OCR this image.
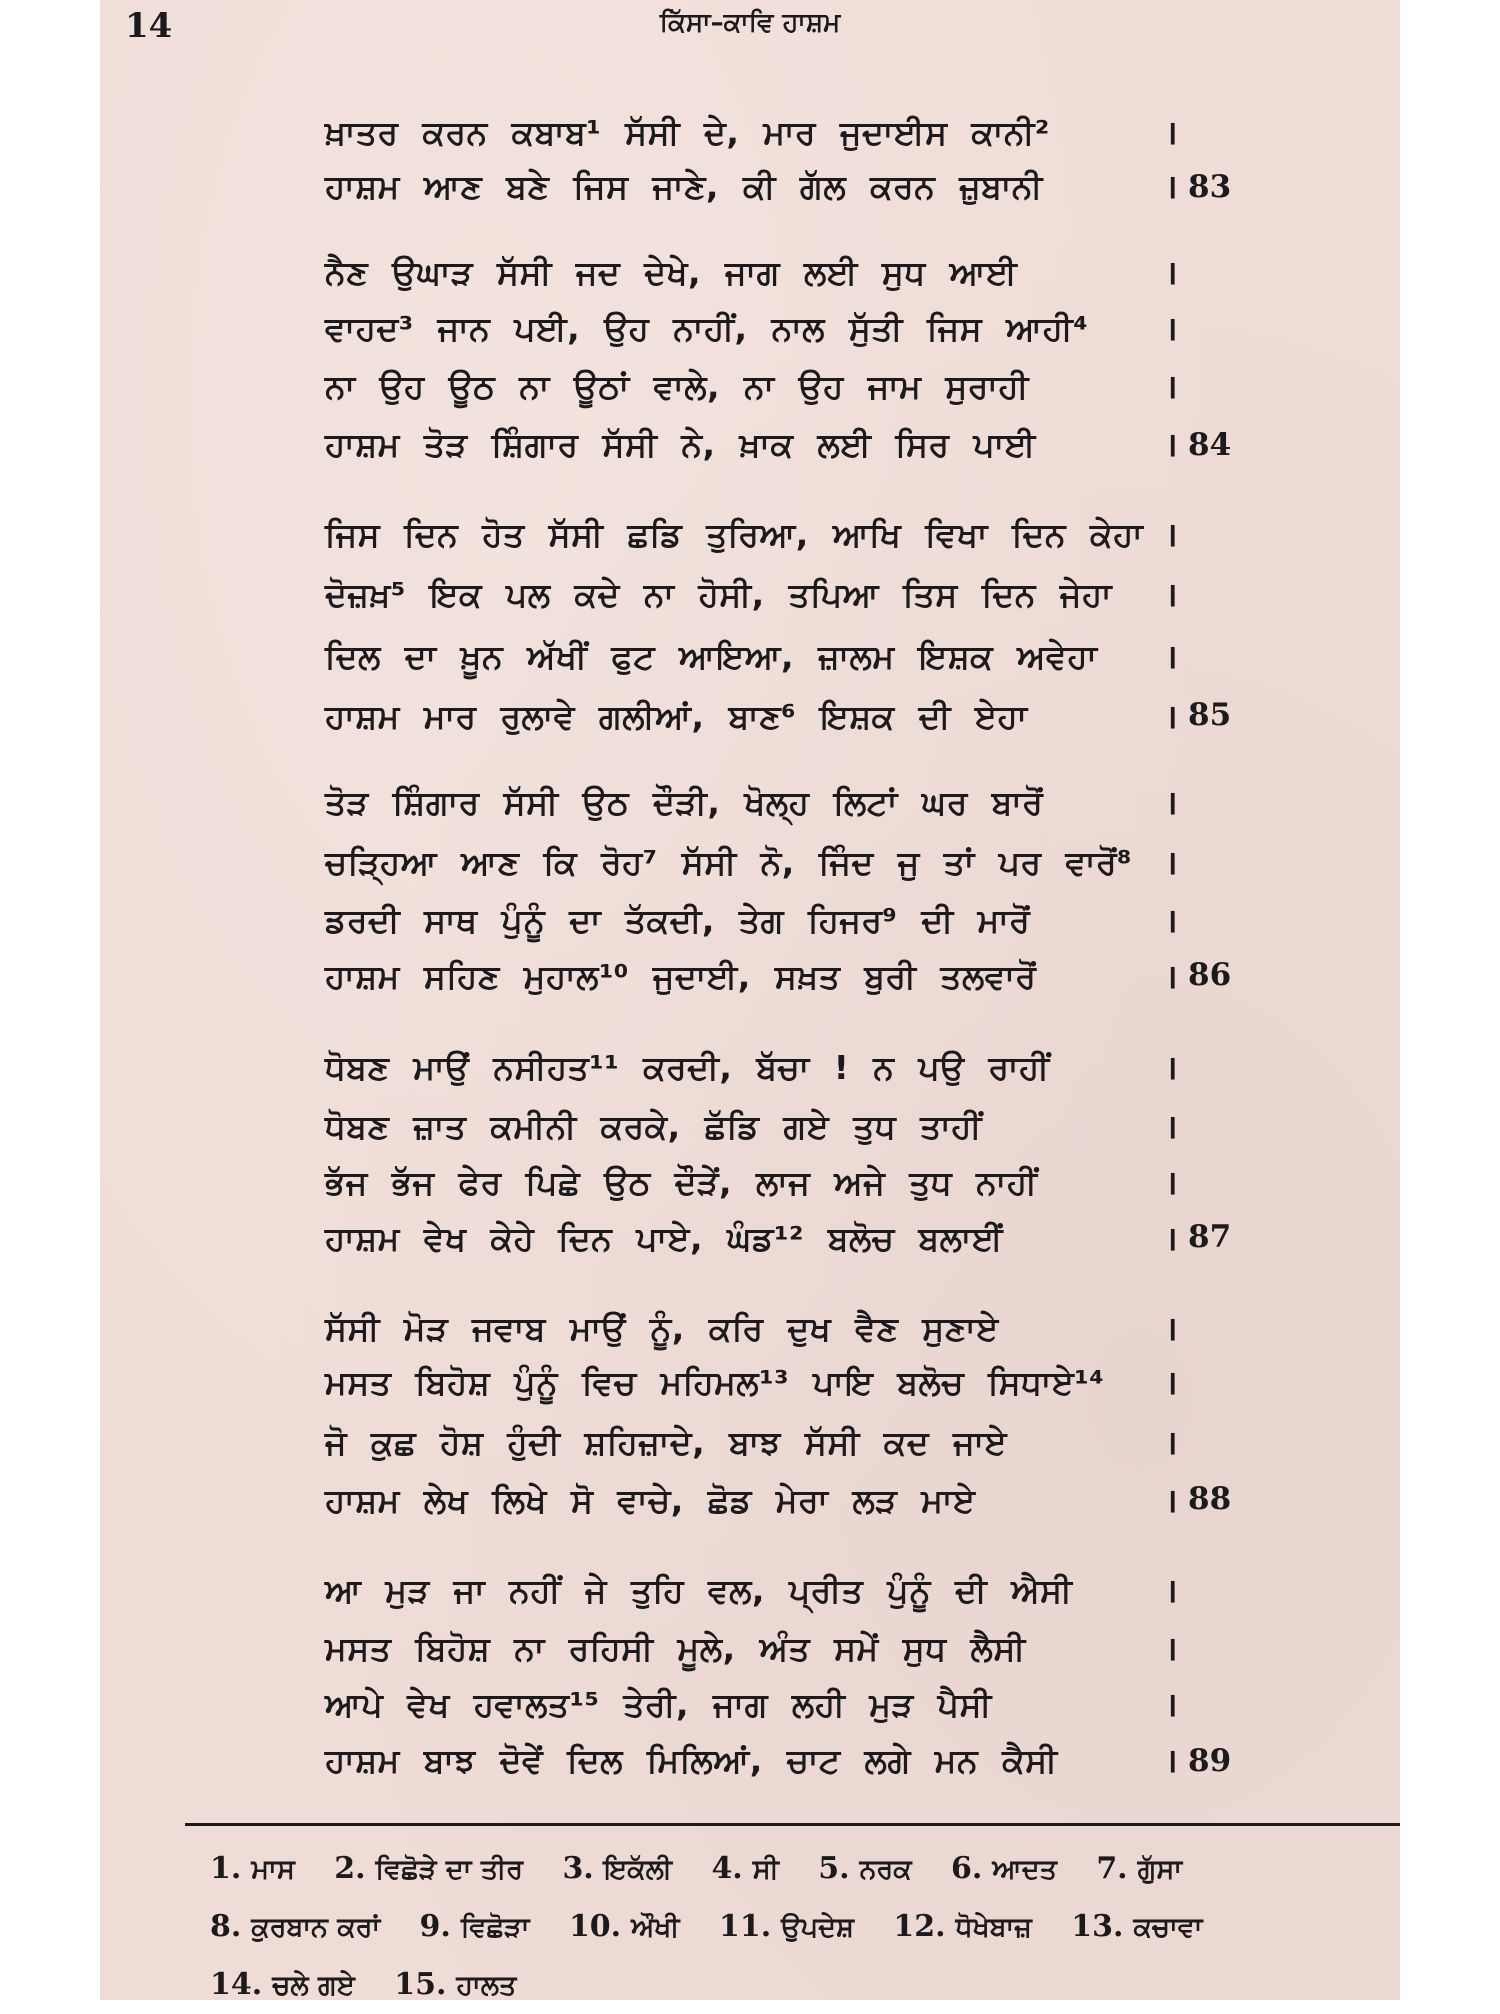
14	ਕਿੱਸਾ–ਕਾਵਿ ਹਾਸ਼ਮ
ਖ਼ਾਤਰ ਕਰਨ ਕਬਾਬ¹ ਸੱਸੀ ਦੇ, ਮਾਰ ਜੁਦਾਈਸ ਕਾਨੀ²	।
ਹਾਸ਼ਮ ਆਣ ਬਣੇ ਜਿਸ ਜਾਣੇ, ਕੀ ਗੱਲ ਕਰਨ ਜ਼ੁਬਾਨੀ	। 83
ਨੈਣ ਉਘਾੜ ਸੱਸੀ ਜਦ ਦੇਖੇ, ਜਾਗ ਲਈ ਸੁਧ ਆਈ	।
ਵਾਹਦ³ ਜਾਨ ਪਈ, ਉਹ ਨਾਹੀਂ, ਨਾਲ ਸੁੱਤੀ ਜਿਸ ਆਹੀ⁴ ।
ਨਾ ਉਹ ਊਠ ਨਾ ਊਠਾਂ ਵਾਲੇ, ਨਾ ਉਹ ਜਾਮ ਸੁਰਾਹੀ	।
ਹਾਸ਼ਮ ਤੋੜ ਸ਼ਿੰਗਾਰ ਸੱਸੀ ਨੇ, ਖ਼ਾਕ ਲਈ ਸਿਰ ਪਾਈ	। 84
ਜਿਸ ਦਿਨ ਹੋਤ ਸੱਸੀ ਛਡਿ ਤੁਰਿਆ, ਆਖਿ ਵਿਖਾ ਦਿਨ ਕੇਹਾ ।
ਦੋਜ਼ਖ਼⁵ ਇਕ ਪਲ ਕਦੇ ਨਾ ਹੋਸੀ, ਤਪਿਆ ਤਿਸ ਦਿਨ ਜੇਹਾ ।
ਦਿਲ ਦਾ ਖ਼ੂਨ ਅੱਖੀਂ ਫੁਟ ਆਇਆ, ਜ਼ਾਲਮ ਇਸ਼ਕ ਅਵੇਹਾ ।
ਹਾਸ਼ਮ ਮਾਰ ਰੁਲਾਵੇ ਗਲੀਆਂ, ਬਾਣ⁶ ਇਸ਼ਕ ਦੀ ਏਹਾ	। 85
ਤੋੜ ਸ਼ਿੰਗਾਰ ਸੱਸੀ ਉਠ ਦੌੜੀ, ਖੋਲ੍ਹ ਲਿਟਾਂ ਘਰ ਬਾਰੋਂ	।
ਚੜ੍ਹਿਆ ਆਣ ਕਿ ਰੋਹ⁷ ਸੱਸੀ ਨੋ, ਜਿੰਦ ਜੁ ਤਾਂ ਪਰ ਵਾਰੋਂ⁸ ।
ਡਰਦੀ ਸਾਥ ਪੁੰਨੂੰ ਦਾ ਤੱਕਦੀ, ਤੇਗ ਹਿਜਰ⁹ ਦੀ ਮਾਰੋਂ	।
ਹਾਸ਼ਮ ਸਹਿਣ ਮੁਹਾਲ¹⁰ ਜੁਦਾਈ, ਸਖ਼ਤ ਬੁਰੀ ਤਲਵਾਰੋਂ	। 86
ਧੋਬਣ ਮਾਉਂ ਨਸੀਹਤ¹¹ ਕਰਦੀ, ਬੱਚਾ ! ਨ ਪਉ ਰਾਹੀਂ	।
ਧੋਬਣ ਜ਼ਾਤ ਕਮੀਨੀ ਕਰਕੇ, ਛੱਡਿ ਗਏ ਤੁਧ ਤਾਹੀਂ	।
ਭੱਜ ਭੱਜ ਫੇਰ ਪਿਛੇ ਉਠ ਦੌੜੇਂ, ਲਾਜ ਅਜੇ ਤੁਧ ਨਾਹੀਂ	।
ਹਾਸ਼ਮ ਵੇਖ ਕੇਹੇ ਦਿਨ ਪਾਏ, ਘੰਡ¹² ਬਲੋਚ ਬਲਾਈਂ	। 87
ਸੱਸੀ ਮੋੜ ਜਵਾਬ ਮਾਉਂ ਨੂੰ, ਕਰਿ ਦੁਖ ਵੈਣ ਸੁਣਾਏ	।
ਮਸਤ ਬਿਹੋਸ਼ ਪੁੰਨੂੰ ਵਿਚ ਮਹਿਮਲ¹³ ਪਾਇ ਬਲੋਚ ਸਿਧਾਏ¹⁴ ।
ਜੋ ਕੁਛ ਹੋਸ਼ ਹੁੰਦੀ ਸ਼ਹਿਜ਼ਾਦੇ, ਬਾਝ ਸੱਸੀ ਕਦ ਜਾਏ	।
ਹਾਸ਼ਮ ਲੇਖ ਲਿਖੇ ਸੋ ਵਾਚੇ, ਛੋਡ ਮੇਰਾ ਲੜ ਮਾਏ	। 88
ਆ ਮੁੜ ਜਾ ਨਹੀਂ ਜੇ ਤੁਹਿ ਵਲ, ਪ੍ਰੀਤ ਪੁੰਨੂੰ ਦੀ ਐਸੀ	।
ਮਸਤ ਬਿਹੋਸ਼ ਨਾ ਰਹਿਸੀ ਮੂਲੇ, ਅੰਤ ਸਮੇਂ ਸੁਧ ਲੈਸੀ	।
ਆਪੇ ਵੇਖ ਹਵਾਲਤ¹⁵ ਤੇਰੀ, ਜਾਗ ਲਹੀ ਮੁੜ ਪੈਸੀ	।
ਹਾਸ਼ਮ ਬਾਝ ਦੋਵੇਂ ਦਿਲ ਮਿਲਿਆਂ, ਚਾਟ ਲਗੇ ਮਨ ਕੈਸੀ	। 89
1. ਮਾਸ 2. ਵਿਛੋੜੇ ਦਾ ਤੀਰ 3. ਇਕੱਲੀ 4. ਸੀ 5. ਨਰਕ 6. ਆਦਤ 7. ਗੁੱਸਾ 8. ਕੁਰਬਾਨ ਕਰਾਂ 9. ਵਿਛੋੜਾ 10. ਔਖੀ 11. ਉਪਦੇਸ਼ 12. ਧੋਖੇਬਾਜ਼ 13. ਕਚਾਵਾ 14. ਚਲੇ ਗਏ 15. ਹਾਲਤ
